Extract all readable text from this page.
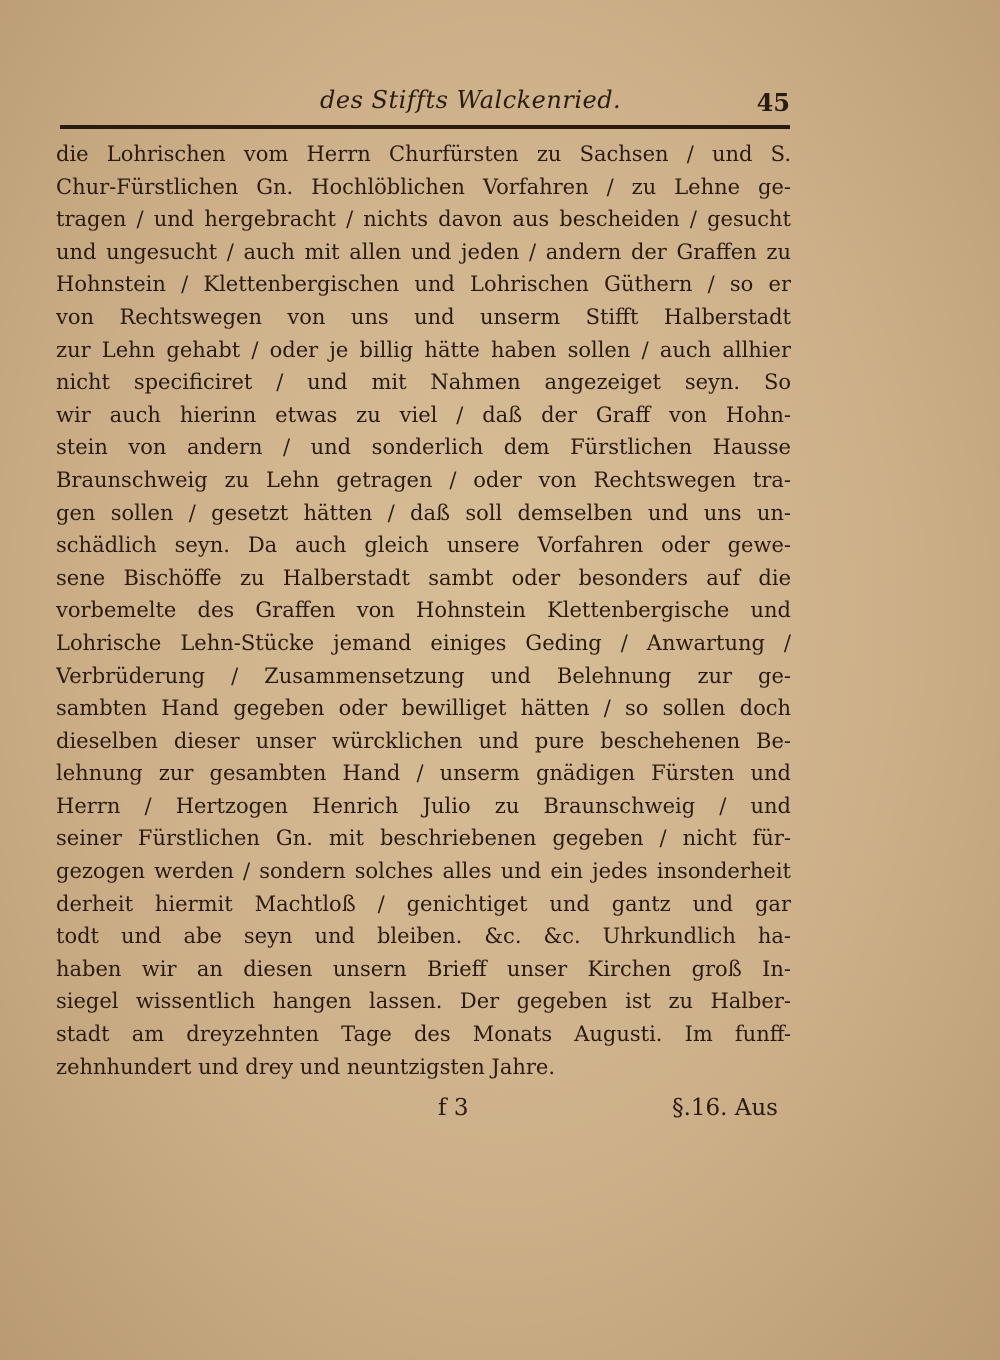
des Stiffts Walckenried.	45
die Lohrischen vom Herrn Churfürsten zu Sachsen / und S.
Chur-Fürstlichen Gn. Hochlöblichen Vorfahren / zu Lehne ge-
tragen / und hergebracht / nichts davon aus bescheiden / gesucht
und ungesucht / auch mit allen und jeden / andern der Graffen zu
Hohnstein / Klettenbergischen und Lohrischen Güthern / so er
von Rechtswegen von uns und unserm Stifft Halberstadt
zur Lehn gehabt / oder je billig hätte haben sollen / auch allhier
nicht specificiret / und mit Nahmen angezeiget seyn. So
wir auch hierinn etwas zu viel / daß der Graff von Hohn-
stein von andern / und sonderlich dem Fürstlichen Hausse
Braunschweig zu Lehn getragen / oder von Rechtswegen tra-
gen sollen / gesetzt hätten / daß soll demselben und uns un-
schädlich seyn. Da auch gleich unsere Vorfahren oder gewe-
sene Bischöffe zu Halberstadt sambt oder besonders auf die
vorbemelte des Graffen von Hohnstein Klettenbergische und
Lohrische Lehn-Stücke jemand einiges Geding / Anwartung /
Verbrüderung / Zusammensetzung und Belehnung zur ge-
sambten Hand gegeben oder bewilliget hätten / so sollen doch
dieselben dieser unser würcklichen und pure beschehenen Be-
lehnung zur gesambten Hand / unserm gnädigen Fürsten und
Herrn / Hertzogen Henrich Julio zu Braunschweig / und
seiner Fürstlichen Gn. mit beschriebenen gegeben / nicht für-
gezogen werden / sondern solches alles und ein jedes insonderheit
derheit hiermit Machtloß / genichtiget und gantz und gar
todt und abe seyn und bleiben. &c. &c. Uhrkundlich ha-
haben wir an diesen unsern Brieff unser Kirchen groß In-
siegel wissentlich hangen lassen. Der gegeben ist zu Halber-
stadt am dreyzehnten Tage des Monats Augusti. Im funff-
zehnhundert und drey und neuntzigsten Jahre.
f 3	§.16. Aus
